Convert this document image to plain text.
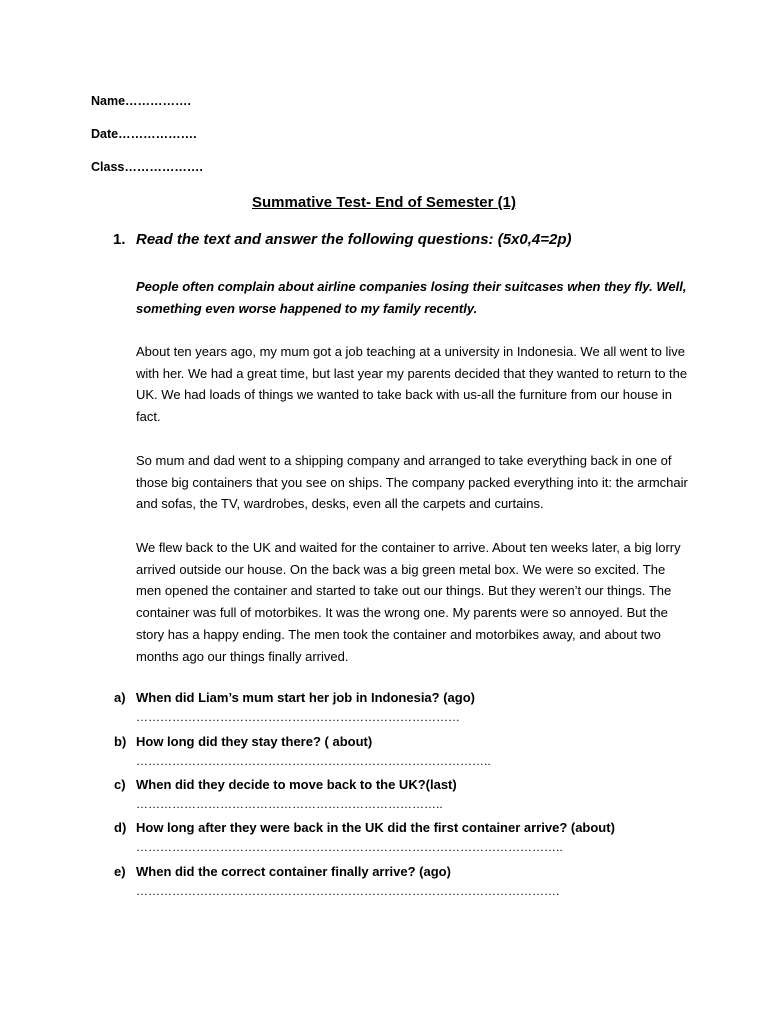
Name…………….
Date……………….
Class……………….
Summative Test- End of Semester (1)
1. Read the text and answer the following questions: (5x0,4=2p)
People often complain about airline companies losing their suitcases when they fly. Well, something even worse happened to my family recently.
About ten years ago, my mum got a job teaching at a university in Indonesia. We all went to live with her. We had a great time, but last year my parents decided that they wanted to return to the UK. We had loads of things we wanted to take back with us-all the furniture from our house in fact.
So mum and dad went to a shipping company and arranged to take everything back in one of those big containers that you see on ships. The company packed everything into it: the armchair and sofas, the TV, wardrobes, desks, even all the carpets and curtains.
We flew back to the UK and waited for the container to arrive. About ten weeks later, a big lorry arrived outside our house. On the back was a big green metal box. We were so excited. The men opened the container and started to take out our things. But they weren’t our things. The container was full of motorbikes. It was the wrong one. My parents were so annoyed. But the story has a happy ending. The men took the container and motorbikes away, and about two months ago our things finally arrived.
a) When did Liam’s mum start her job in Indonesia? (ago)
………………………………………………………………………
b) How long did they stay there? ( about)
……………………………………………………………………………..
c) When did they decide to move back to the UK?(last)
…………………………………………………………………..
d) How long after they were back in the UK did the first container arrive? (about)
……………………………………………………………………………………………..
e) When did the correct container finally arrive? (ago)
…………………………………………………………………………………………….
